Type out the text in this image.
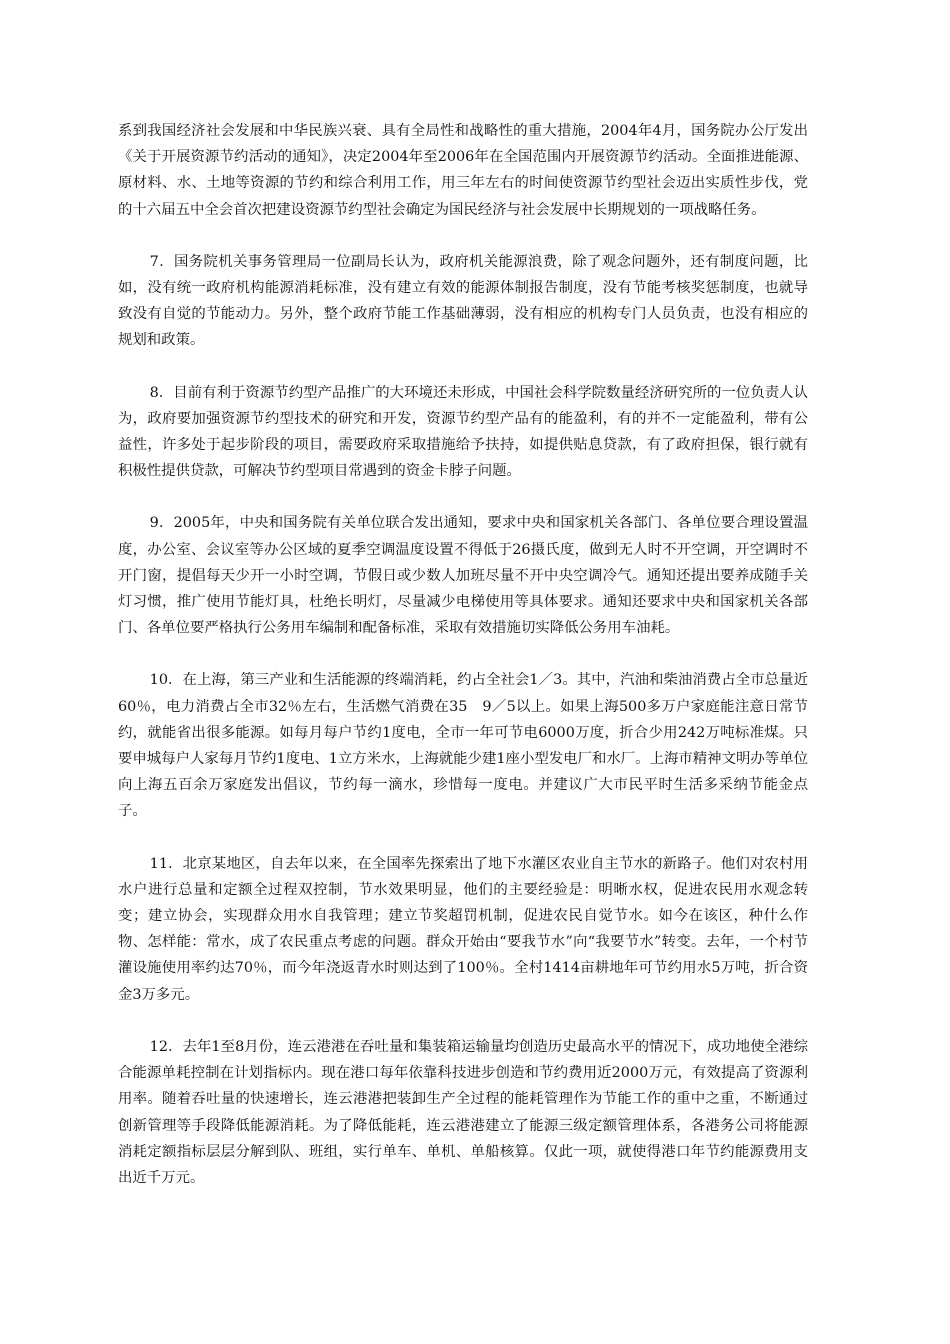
系到我国经济社会发展和中华民族兴衰、具有全局性和战略性的重大措施，2004年4月，国务院办公厅发出《关于开展资源节约活动的通知》，决定2004年至2006年在全国范围内开展资源节约活动。全面推进能源、原材料、水、土地等资源的节约和综合利用工作，用三年左右的时间使资源节约型社会迈出实质性步伐，党的十六届五中全会首次把建设资源节约型社会确定为国民经济与社会发展中长期规划的一项战略任务。

7．国务院机关事务管理局一位副局长认为，政府机关能源浪费，除了观念问题外，还有制度问题，比如，没有统一政府机构能源消耗标准，没有建立有效的能源体制报告制度，没有节能考核奖惩制度，也就导致没有自觉的节能动力。另外，整个政府节能工作基础薄弱，没有相应的机构专门人员负责，也没有相应的规划和政策。

8．目前有利于资源节约型产品推广的大环境还未形成，中国社会科学院数量经济研究所的一位负责人认为，政府要加强资源节约型技术的研究和开发，资源节约型产品有的能盈利，有的并不一定能盈利，带有公益性，许多处于起步阶段的项目，需要政府采取措施给予扶持，如提供贴息贷款，有了政府担保，银行就有积极性提供贷款，可解决节约型项目常遇到的资金卡脖子问题。

9．2005年，中央和国务院有关单位联合发出通知，要求中央和国家机关各部门、各单位要合理设置温度，办公室、会议室等办公区域的夏季空调温度设置不得低于26摄氏度，做到无人时不开空调，开空调时不开门窗，提倡每天少开一小时空调，节假日或少数人加班尽量不开中央空调冷气。通知还提出要养成随手关灯习惯，推广使用节能灯具，杜绝长明灯，尽量减少电梯使用等具体要求。通知还要求中央和国家机关各部门、各单位要严格执行公务用车编制和配备标准，采取有效措施切实降低公务用车油耗。

10．在上海，第三产业和生活能源的终端消耗，约占全社会1／3。其中，汽油和柴油消费占全市总量近60％，电力消费占全市32％左右，生活燃气消费在35　9／5以上。如果上海500多万户家庭能注意日常节约，就能省出很多能源。如每月每户节约1度电，全市一年可节电6000万度，折合少用242万吨标准煤。只要申城每户人家每月节约1度电、1立方米水，上海就能少建1座小型发电厂和水厂。上海市精神文明办等单位向上海五百余万家庭发出倡议，节约每一滴水，珍惜每一度电。并建议广大市民平时生活多采纳节能金点子。

11．北京某地区，自去年以来，在全国率先探索出了地下水灌区农业自主节水的新路子。他们对农村用水户进行总量和定额全过程双控制，节水效果明显，他们的主要经验是：明晰水权，促进农民用水观念转变；建立协会，实现群众用水自我管理；建立节奖超罚机制，促进农民自觉节水。如今在该区，种什么作物、怎样能：常水，成了农民重点考虑的问题。群众开始由“要我节水”向“我要节水”转变。去年，一个村节灌设施使用率约达70％，而今年浇返青水时则达到了100％。全村1414亩耕地年可节约用水5万吨，折合资金3万多元。

12．去年1至8月份，连云港港在吞吐量和集装箱运输量均创造历史最高水平的情况下，成功地使全港综合能源单耗控制在计划指标内。现在港口每年依靠科技进步创造和节约费用近2000万元，有效提高了资源利用率。随着吞吐量的快速增长，连云港港把装卸生产全过程的能耗管理作为节能工作的重中之重，不断通过创新管理等手段降低能源消耗。为了降低能耗，连云港港建立了能源三级定额管理体系，各港务公司将能源消耗定额指标层层分解到队、班组，实行单车、单机、单船核算。仅此一项，就使得港口年节约能源费用支出近千万元。
